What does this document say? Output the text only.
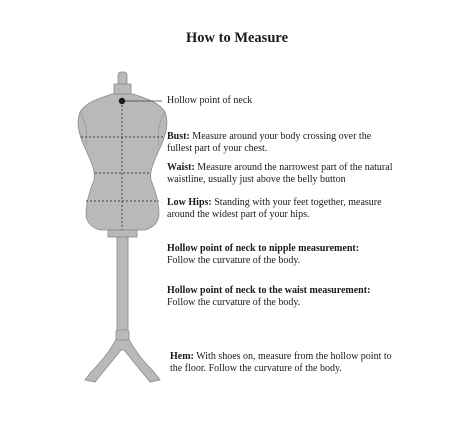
How to Measure
Hollow point of neck
Bust: Measure around your body crossing over the fullest part of your chest.
Waist: Measure around the narrowest part of the natural waistline, usually just above the belly button
Low Hips: Standing with your feet together, measure around the widest part of your hips.
Hollow point of neck to nipple measurement:
Follow the curvature of the body.
Hollow point of neck to the waist measurement:
Follow the curvature of the body.
Hem: With shoes on, measure from the hollow point to the floor. Follow the curvature of the body.
